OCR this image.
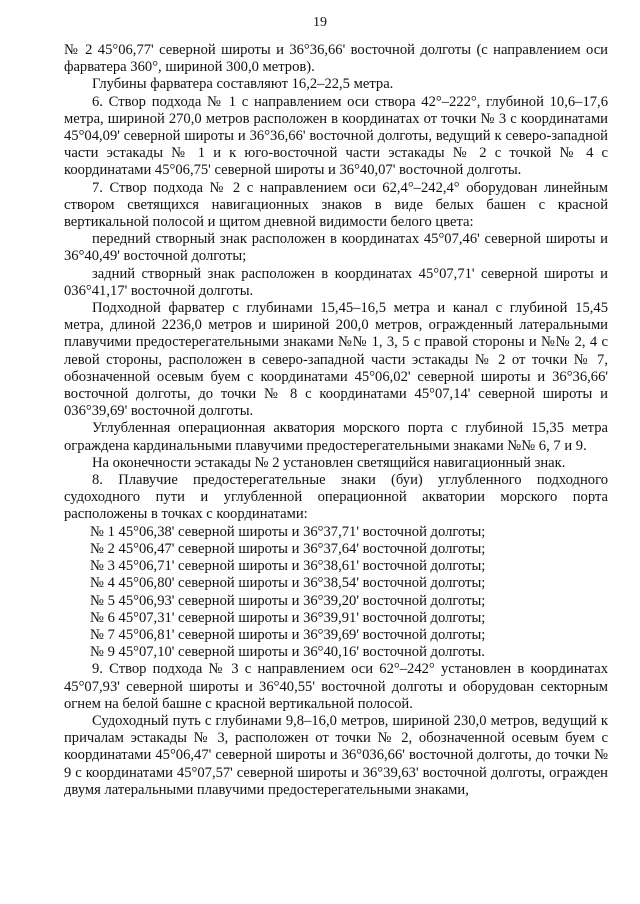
19

№ 2 45°06,77' северной широты и 36°36,66' восточной долготы (с направлением оси фарватера 360°, шириной 300,0 метров).

Глубины фарватера составляют 16,2–22,5 метра.

6. Створ подхода № 1 с направлением оси створа 42°–222°, глубиной 10,6–17,6 метра, шириной 270,0 метров расположен в координатах от точки № 3 с координатами 45°04,09' северной широты и 36°36,66' восточной долготы, ведущий к северо-западной части эстакады № 1 и к юго-восточной части эстакады № 2 с точкой № 4 с координатами 45°06,75' северной широты и 36°40,07' восточной долготы.

7. Створ подхода № 2 с направлением оси 62,4°–242,4° оборудован линейным створом светящихся навигационных знаков в виде белых башен с красной вертикальной полосой и щитом дневной видимости белого цвета:

передний створный знак расположен в координатах 45°07,46' северной широты и 36°40,49' восточной долготы;

задний створный знак расположен в координатах 45°07,71' северной широты и 036°41,17' восточной долготы.

Подходной фарватер с глубинами 15,45–16,5 метра и канал с глубиной 15,45 метра, длиной 2236,0 метров и шириной 200,0 метров, огражденный латеральными плавучими предостерегательными знаками №№ 1, 3, 5 с правой стороны и №№ 2, 4 с левой стороны, расположен в северо-западной части эстакады № 2 от точки № 7, обозначенной осевым буем с координатами 45°06,02' северной широты и 36°36,66' восточной долготы, до точки № 8 с координатами 45°07,14' северной широты и 036°39,69' восточной долготы.

Углубленная операционная акватория морского порта с глубиной 15,35 метра ограждена кардинальными плавучими предостерегательными знаками №№ 6, 7 и 9.

На оконечности эстакады № 2 установлен светящийся навигационный знак.

8. Плавучие предостерегательные знаки (буи) углубленного подходного судоходного пути и углубленной операционной акватории морского порта расположены в точках с координатами:

№ 1 45°06,38' северной широты и 36°37,71' восточной долготы;

№ 2 45°06,47' северной широты и 36°37,64' восточной долготы;

№ 3 45°06,71' северной широты и 36°38,61' восточной долготы;

№ 4 45°06,80' северной широты и 36°38,54' восточной долготы;

№ 5 45°06,93' северной широты и 36°39,20' восточной долготы;

№ 6 45°07,31' северной широты и 36°39,91' восточной долготы;

№ 7 45°06,81' северной широты и 36°39,69' восточной долготы;

№ 9 45°07,10' северной широты и 36°40,16' восточной долготы.

9. Створ подхода № 3 с направлением оси 62°–242° установлен в координатах 45°07,93' северной широты и 36°40,55' восточной долготы и оборудован секторным огнем на белой башне с красной вертикальной полосой.

Судоходный путь с глубинами 9,8–16,0 метров, шириной 230,0 метров, ведущий к причалам эстакады № 3, расположен от точки № 2, обозначенной осевым буем с координатами 45°06,47' северной широты и 36°036,66' восточной долготы, до точки № 9 с координатами 45°07,57' северной широты и 36°39,63' восточной долготы, огражден двумя латеральными плавучими предостерегательными знаками,
